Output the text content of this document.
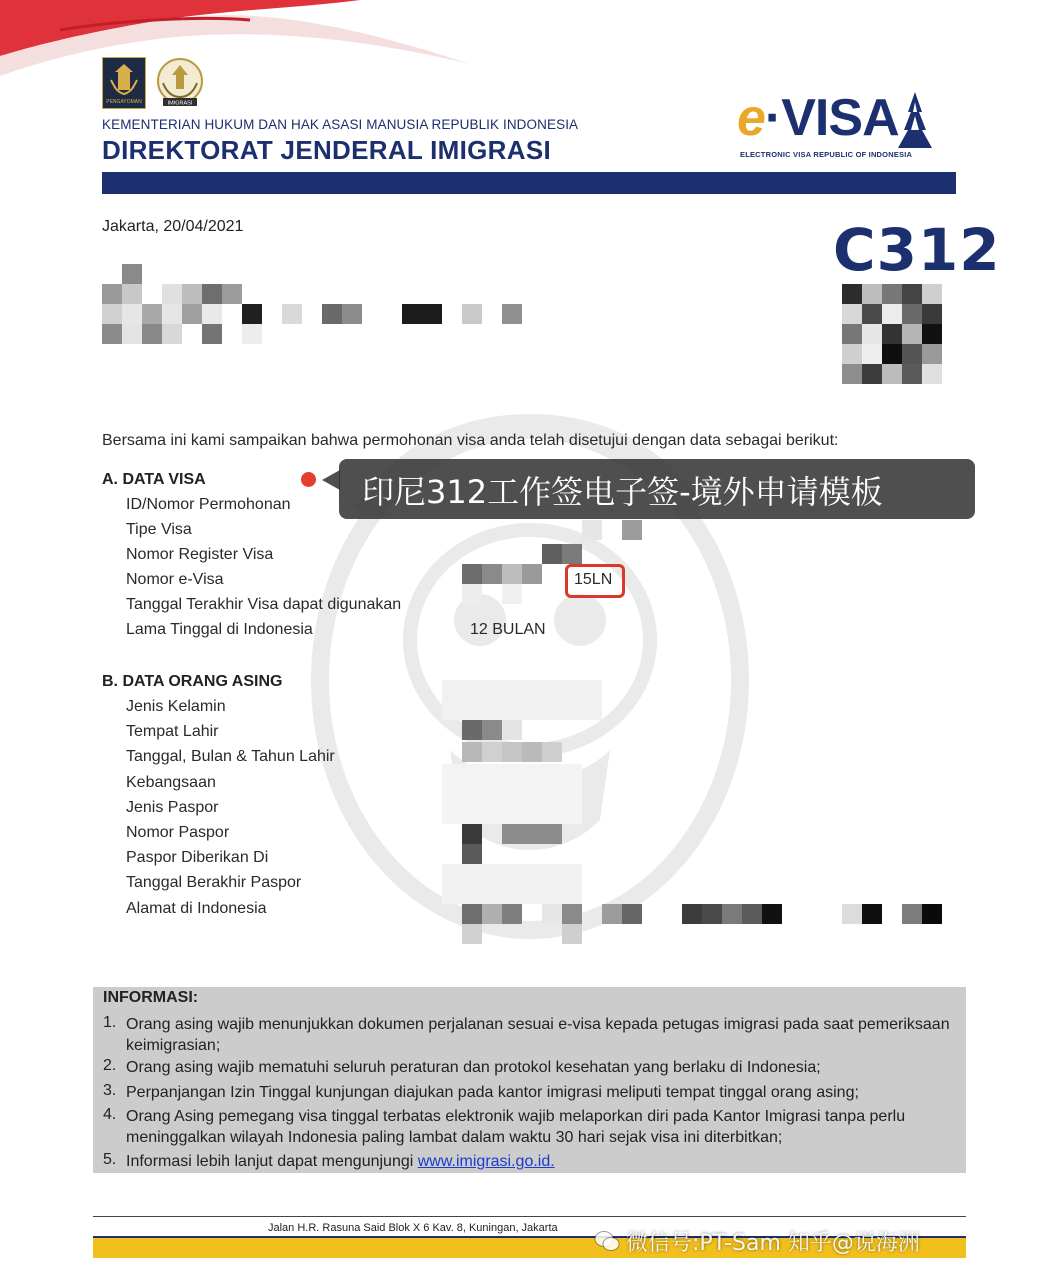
PENGAYOMAN	IMIGRASI
KEMENTERIAN HUKUM DAN HAK ASASI MANUSIA REPUBLIK INDONESIA
DIREKTORAT JENDERAL IMIGRASI
e·VISA
ELECTRONIC VISA REPUBLIC OF INDONESIA
Jakarta, 20/04/2021	C312
Bersama ini kami sampaikan bahwa permohonan visa anda telah disetujui dengan data sebagai berikut:
A. DATA VISA
ID/Nomor Permohonan
Tipe Visa
Nomor Register Visa
Nomor e-Visa
Tanggal Terakhir Visa dapat digunakan
Lama Tinggal di Indonesia
15LN
12 BULAN
B. DATA ORANG ASING
Jenis Kelamin
Tempat Lahir
Tanggal, Bulan & Tahun Lahir
Kebangsaan
Jenis Paspor
Nomor Paspor
Paspor Diberikan Di
Tanggal Berakhir Paspor
Alamat di Indonesia
印尼312工作签电子签-境外申请模板
INFORMASI:
1. Orang asing wajib menunjukkan dokumen perjalanan sesuai e-visa kepada petugas imigrasi pada saat pemeriksaan keimigrasian;
2. Orang asing wajib mematuhi seluruh peraturan dan protokol kesehatan yang berlaku di Indonesia;
3. Perpanjangan Izin Tinggal kunjungan diajukan pada kantor imigrasi meliputi tempat tinggal orang asing;
4. Orang Asing pemegang visa tinggal terbatas elektronik wajib melaporkan diri pada Kantor Imigrasi tanpa perlu meninggalkan wilayah Indonesia paling lambat dalam waktu 30 hari sejak visa ini diterbitkan;
5. Informasi lebih lanjut dapat mengunjungi www.imigrasi.go.id.
Jalan H.R. Rasuna Said Blok X 6 Kav. 8, Kuningan, Jakarta
微信号:PT-Sam 知乎@说海洲
